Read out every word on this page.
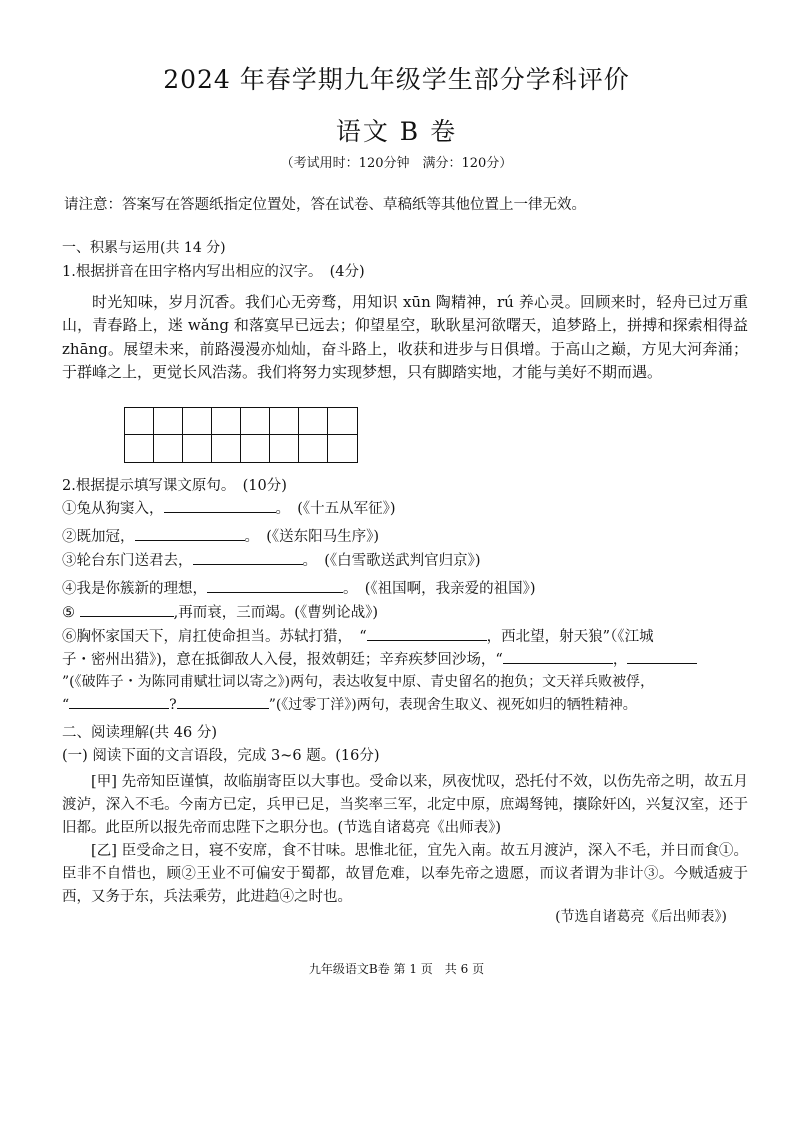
2024 年春学期九年级学生部分学科评价
语文 B 卷
（考试用时：120分钟　满分：120分）
请注意：答案写在答题纸指定位置处，答在试卷、草稿纸等其他位置上一律无效。
一、积累与运用(共 14 分)
1.根据拼音在田字格内写出相应的汉字。　(4分)
时光知味，岁月沉香。我们心无旁骛，用知识 xūn 陶精神，rú 养心灵。回顾来时，轻舟已过万重山，青春路上，迷 wǎng 和落寞早已远去；仰望星空，耿耿星河欲曙天，追梦路上，拼搏和探索相得益 zhāng。展望未来，前路漫漫亦灿灿，奋斗路上，收获和进步与日俱增。于高山之巅，方见大河奔涌；于群峰之上，更觉长风浩荡。我们将努力实现梦想，只有脚踏实地，才能与美好不期而遇。
2.根据提示填写课文原句。　(10分)
①兔从狗窦入，	。　(《十五从军征》)
②既加冠，	。　(《送东阳马生序》)
③轮台东门送君去，	。　(《白雪歌送武判官归京》)
④我是你簇新的理想，	。　(《祖国啊，我亲爱的祖国》)
⑤	,再而衰，三而竭。(《曹刿论战》)
⑥胸怀家国天下，肩扛使命担当。苏轼打猎，　“	，西北望，射天狼”（《江城
子・密州出猎》)，意在抵御敌人入侵，报效朝廷；辛弃疾梦回沙场，“	，
”(《破阵子・为陈同甫赋壮词以寄之》)两句，表达收复中原、青史留名的抱负；文天祥兵败被俘，
“	?	”(《过零丁洋》)两句，表现舍生取义、视死如归的牺牲精神。
二、阅读理解(共 46 分)
(一) 阅读下面的文言语段，完成 3~6 题。(16分)
[甲] 先帝知臣谨慎，故临崩寄臣以大事也。受命以来，夙夜忧叹，恐托付不效，以伤先帝之明，故五月渡泸，深入不毛。今南方已定，兵甲已足，当奖率三军，北定中原，庶竭驽钝，攘除奸凶，兴复汉室，还于旧都。此臣所以报先帝而忠陛下之职分也。(节选自诸葛亮《出师表》)
[乙] 臣受命之日，寝不安席，食不甘味。思惟北征，宜先入南。故五月渡泸，深入不毛，并日而食①。臣非不自惜也，顾②王业不可偏安于蜀都，故冒危难，以奉先帝之遗愿，而议者谓为非计③。今贼适疲于西，又务于东，兵法乘劳，此进趋④之时也。
(节选自诸葛亮《后出师表》)
九年级语文B卷 第 1 页　共 6 页
